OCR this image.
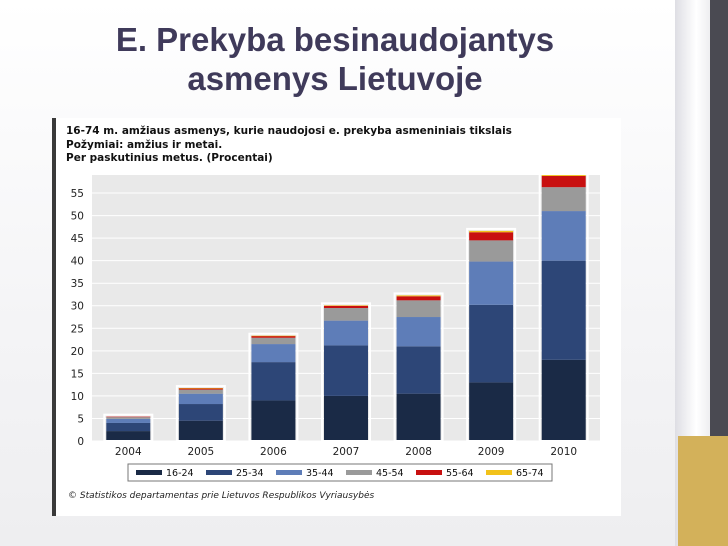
E. Prekyba besinaudojantys
asmenys Lietuvoje
16-74 m. amžiaus asmenys, kurie naudojosi e. prekyba asmeniniais tikslais
Požymiai: amžius ir metai.
Per paskutinius metus. (Procentai)
0
5
10
15
20
25
30
35
40
45
50
55
2004	2005	2006	2007	2008	2009	2010
16-24	25-34	35-44	45-54	55-64	65-74
© Statistikos departamentas prie Lietuvos Respublikos Vyriausybės
